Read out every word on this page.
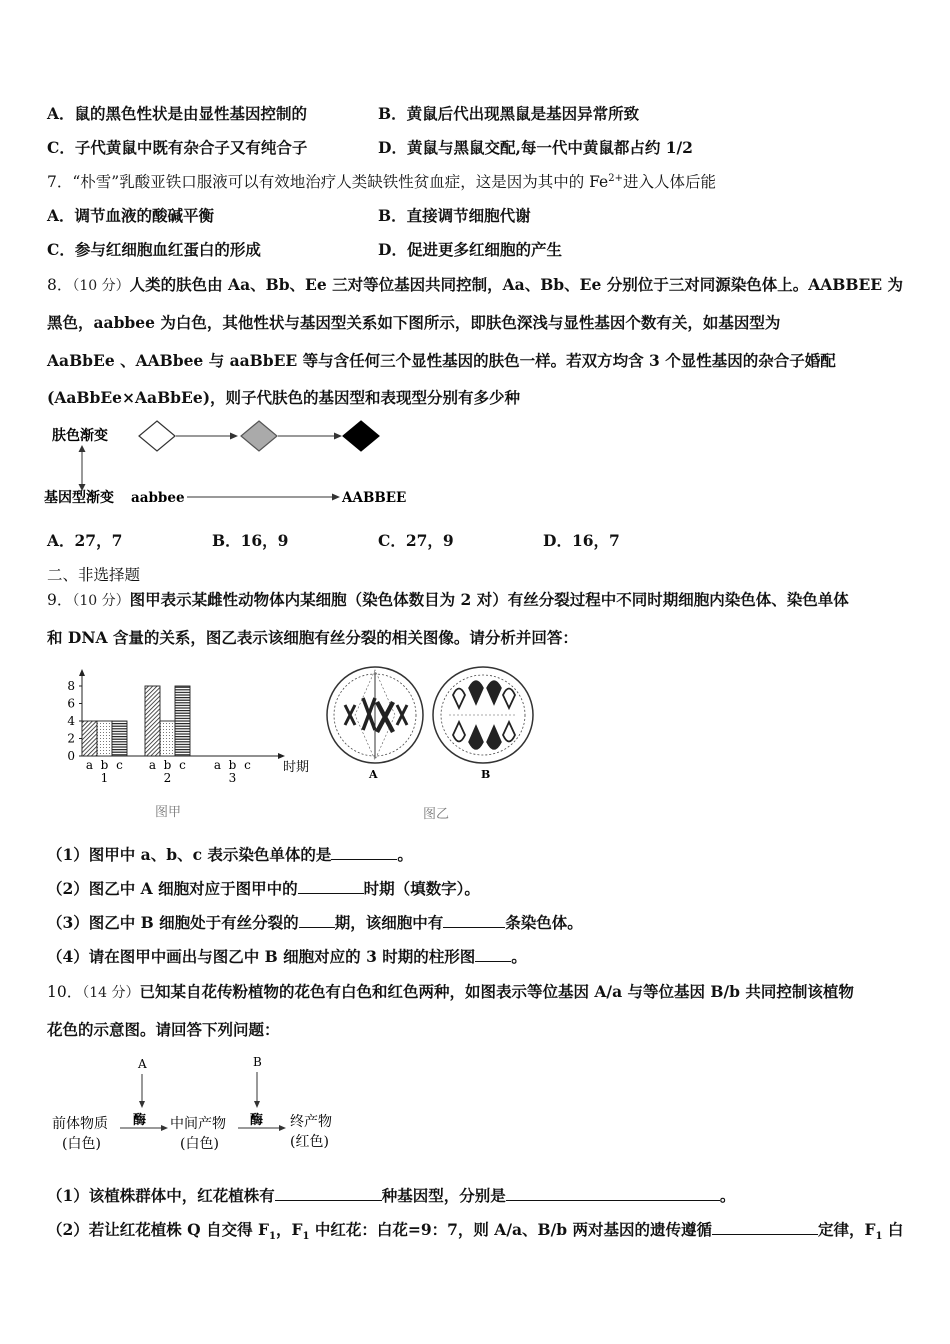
A．鼠的黑色性状是由显性基因控制的	B．黄鼠后代出现黑鼠是基因异常所致
C．子代黄鼠中既有杂合子又有纯合子	D．黄鼠与黑鼠交配,每一代中黄鼠都占约 1/2
7．“朴雪”乳酸亚铁口服液可以有效地治疗人类缺铁性贫血症，这是因为其中的 $Fe^{2+}$进入人体后能
A．调节血液的酸碱平衡	B．直接调节细胞代谢
C．参与红细胞血红蛋白的形成	D．促进更多红细胞的产生
8．（10 分）人类的肤色由 Aa、Bb、Ee 三对等位基因共同控制，Aa、Bb、Ee 分别位于三对同源染色体上。AABBEE 为
黑色，aabbee 为白色，其他性状与基因型关系如下图所示，即肤色深浅与显性基因个数有关，如基因型为
AaBbEe 、AABbee 与 aaBbEE 等与含任何三个显性基因的肤色一样。若双方均含 3 个显性基因的杂合子婚配
(AaBbEe×AaBbEe)，则子代肤色的基因型和表现型分别有多少种
肤色渐变
基因型渐变 aabbee	AABBEE
A．27，7	B．16，9	C．27，9	D．16，7
二、非选择题
9．（10 分）图甲表示某雌性动物体内某细胞（染色体数目为 2 对）有丝分裂过程中不同时期细胞内染色体、染色单体
和 DNA 含量的关系，图乙表示该细胞有丝分裂的相关图像。请分析并回答：
0
2
4
6
8
时期
a b c
1
a b c
2
a b c
3
图甲
A	B
图乙
（1）图甲中 a、b、c 表示染色单体的是	。
（2）图乙中 A 细胞对应于图甲中的	时期（填数字）。
（3）图乙中 B 细胞处于有丝分裂的 期，该细胞中有	条染色体。
（4）请在图甲中画出与图乙中 B 细胞对应的 3 时期的柱形图 。
10．（14 分）已知某自花传粉植物的花色有白色和红色两种，如图表示等位基因 A/a 与等位基因 B/b 共同控制该植物
花色的示意图。请回答下列问题：
A	B
前体物质
(白色)
酶 中间产物
(白色)
酶 终产物
(红色)
（1）该植株群体中，红花植株有	种基因型，分别是	。
（2）若让红花植株 Q 自交得 $F_1$，$F_1$ 中红花：白花=9：7，则 A/a、B/b 两对基因的遗传遵循	定律，$F_1$ 白
